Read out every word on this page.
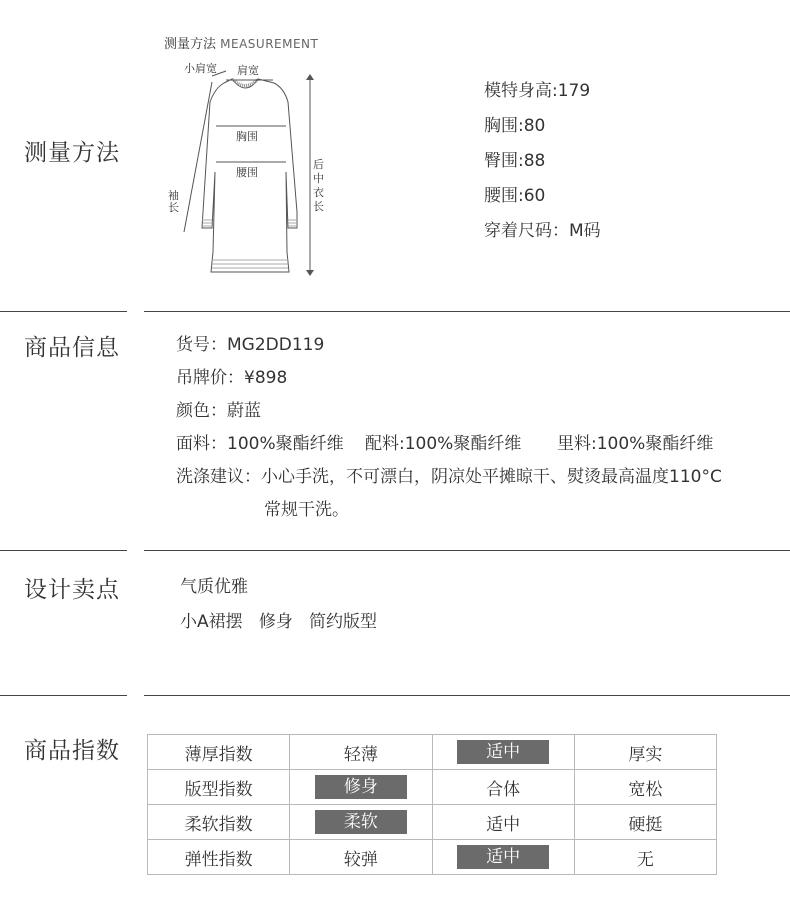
测量方法
测量方法 MEASUREMENT
小肩宽 肩宽
胸围
腰围
袖长
后中衣长
模特身高:179
胸围:80
臀围:88
腰围:60
穿着尺码：M码
商品信息	货号：MG2DD119
吊牌价：¥898
颜色：蔚蓝
面料：100%聚酯纤维 配料:100%聚酯纤维 里料:100%聚酯纤维
洗涤建议：小心手洗，不可漂白，阴凉处平摊晾干、熨烫最高温度110°C
常规干洗。
设计卖点	气质优雅
小A裙摆   修身   简约版型
商品指数	薄厚指数	轻薄	适中	厚实
版型指数	修身	合体	宽松
柔软指数	柔软	适中	硬挺
弹性指数	较弹	适中	无
